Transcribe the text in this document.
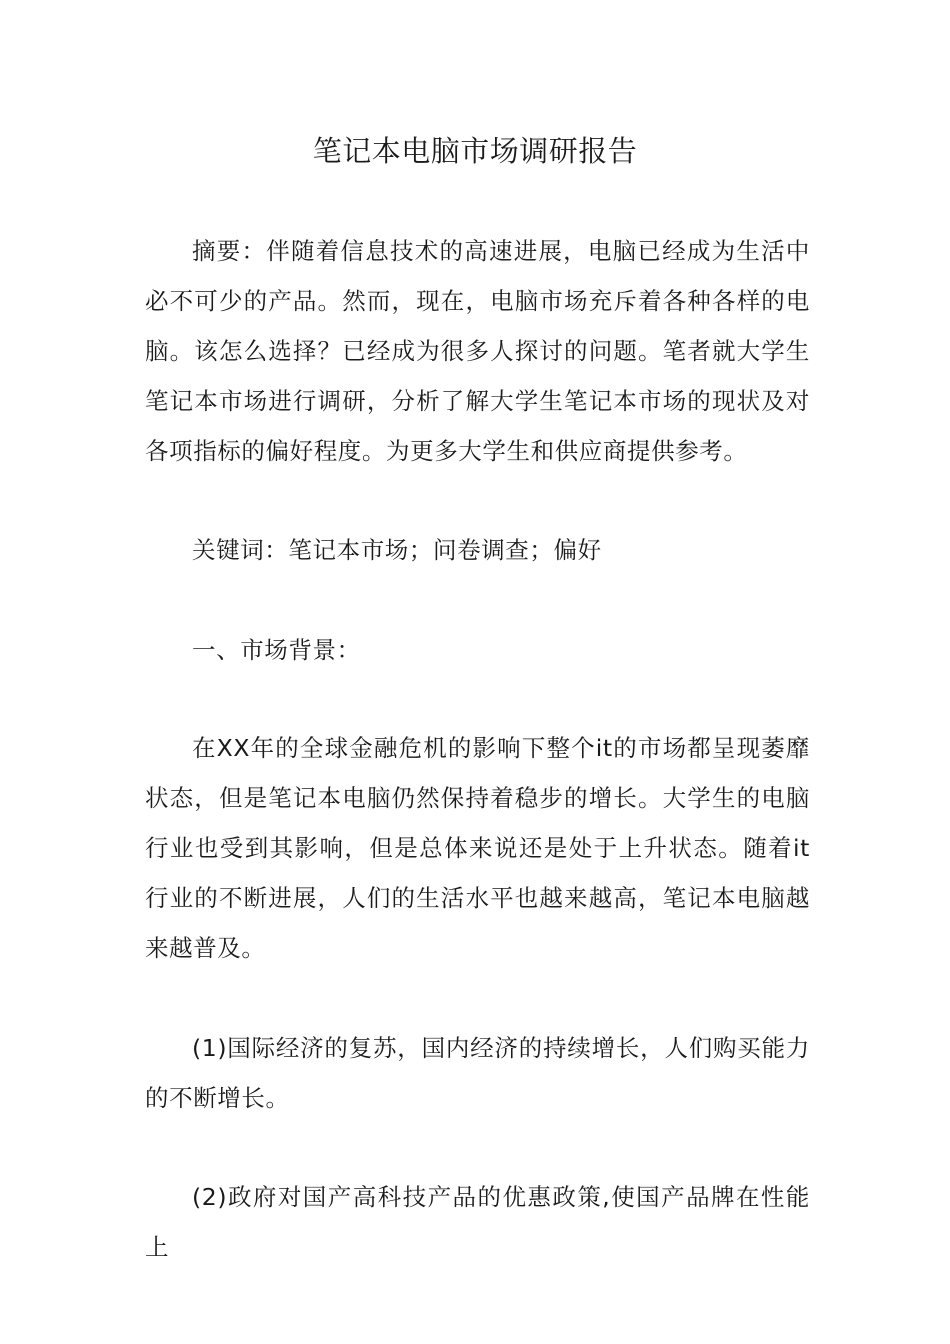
笔记本电脑市场调研报告

摘要：伴随着信息技术的高速进展，电脑已经成为生活中必不可少的产品。然而，现在，电脑市场充斥着各种各样的电脑。该怎么选择？已经成为很多人探讨的问题。笔者就大学生笔记本市场进行调研，分析了解大学生笔记本市场的现状及对各项指标的偏好程度。为更多大学生和供应商提供参考。

关键词：笔记本市场；问卷调查；偏好

一、市场背景：

在XX年的全球金融危机的影响下整个it的市场都呈现萎靡状态，但是笔记本电脑仍然保持着稳步的增长。大学生的电脑行业也受到其影响，但是总体来说还是处于上升状态。随着it行业的不断进展，人们的生活水平也越来越高，笔记本电脑越来越普及。

(1)国际经济的复苏，国内经济的持续增长，人们购买能力的不断增长。

(2)政府对国产高科技产品的优惠政策,使国产品牌在性能上
